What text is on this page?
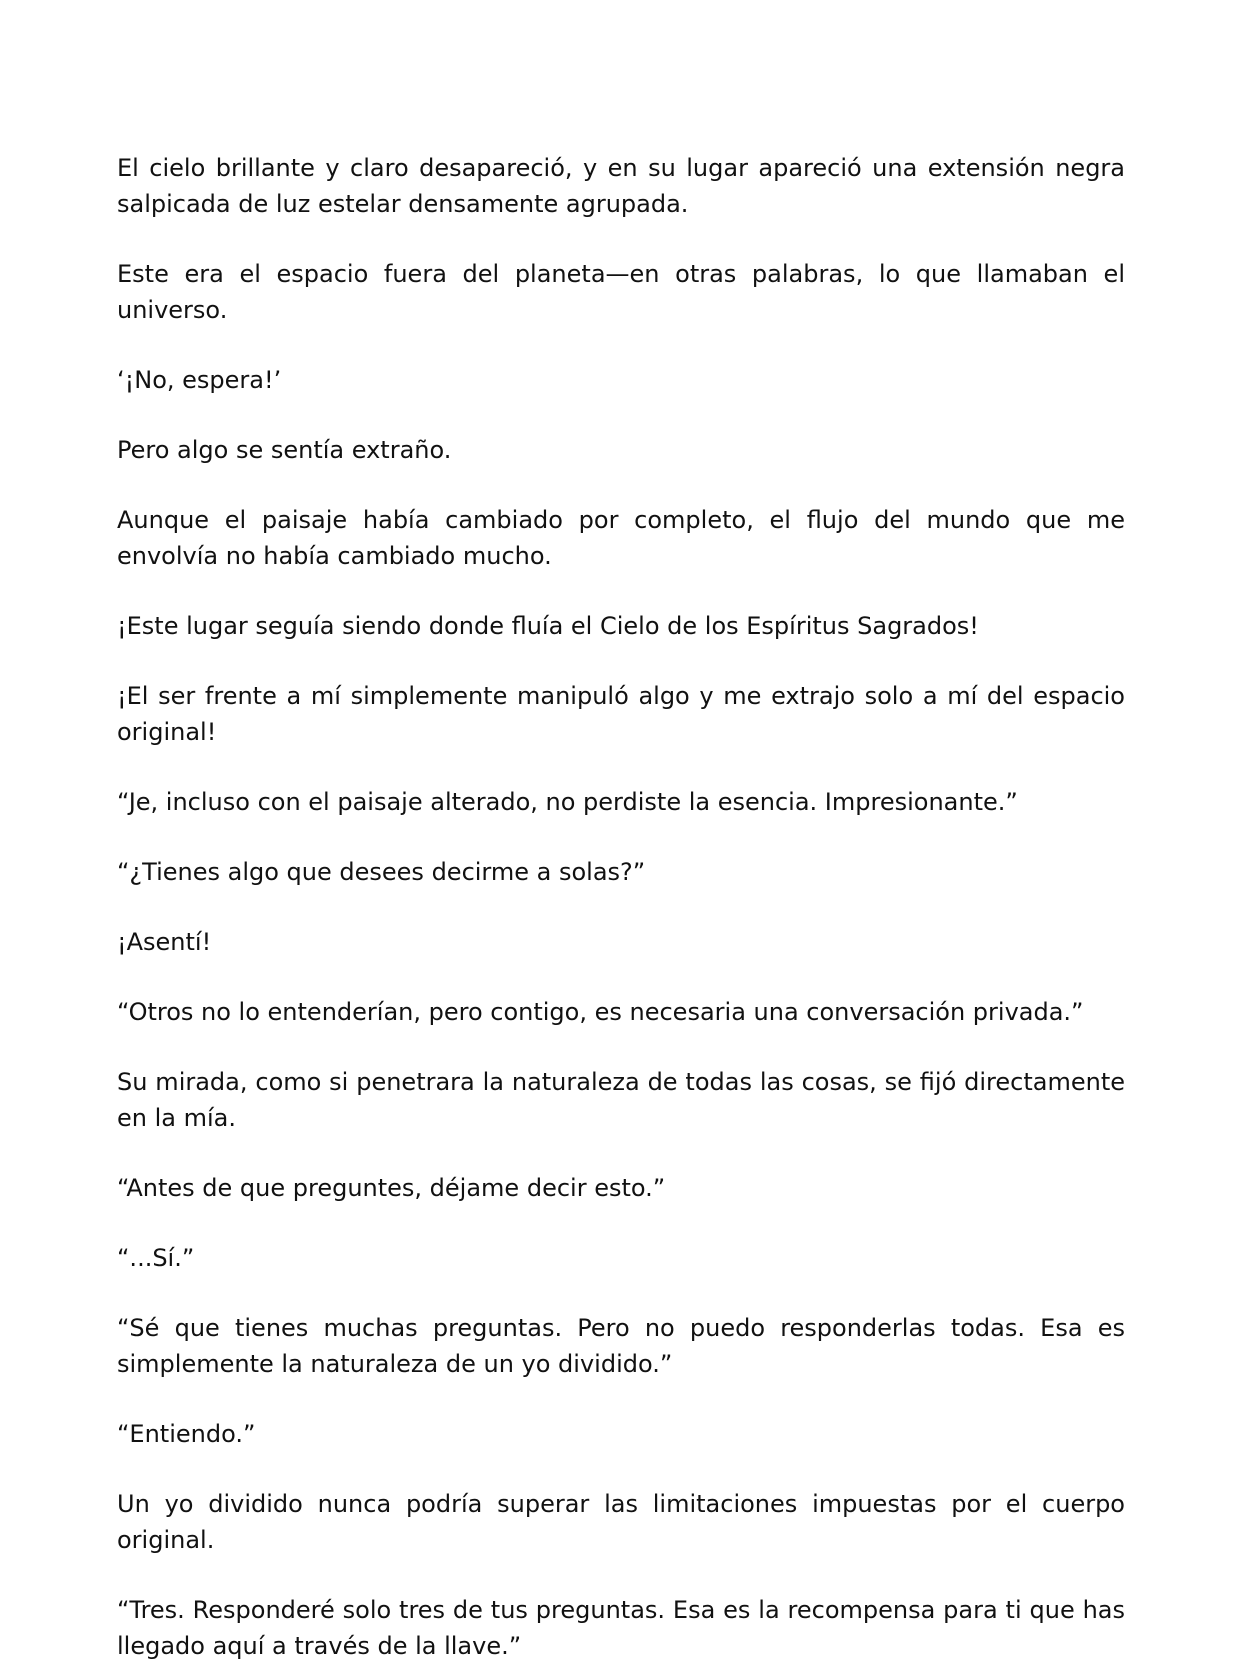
El cielo brillante y claro desapareció, y en su lugar apareció una extensión negra salpicada de luz estelar densamente agrupada.

Este era el espacio fuera del planeta—en otras palabras, lo que llamaban el universo.

‘¡No, espera!’

Pero algo se sentía extraño.

Aunque el paisaje había cambiado por completo, el flujo del mundo que me envolvía no había cambiado mucho.

¡Este lugar seguía siendo donde fluía el Cielo de los Espíritus Sagrados!

¡El ser frente a mí simplemente manipuló algo y me extrajo solo a mí del espacio original!

“Je, incluso con el paisaje alterado, no perdiste la esencia. Impresionante.”

“¿Tienes algo que desees decirme a solas?”

¡Asentí!

“Otros no lo entenderían, pero contigo, es necesaria una conversación privada.”

Su mirada, como si penetrara la naturaleza de todas las cosas, se fijó directamente en la mía.

“Antes de que preguntes, déjame decir esto.”

“...Sí.”

“Sé que tienes muchas preguntas. Pero no puedo responderlas todas. Esa es simplemente la naturaleza de un yo dividido.”

“Entiendo.”

Un yo dividido nunca podría superar las limitaciones impuestas por el cuerpo original.

“Tres. Responderé solo tres de tus preguntas. Esa es la recompensa para ti que has llegado aquí a través de la llave.”
